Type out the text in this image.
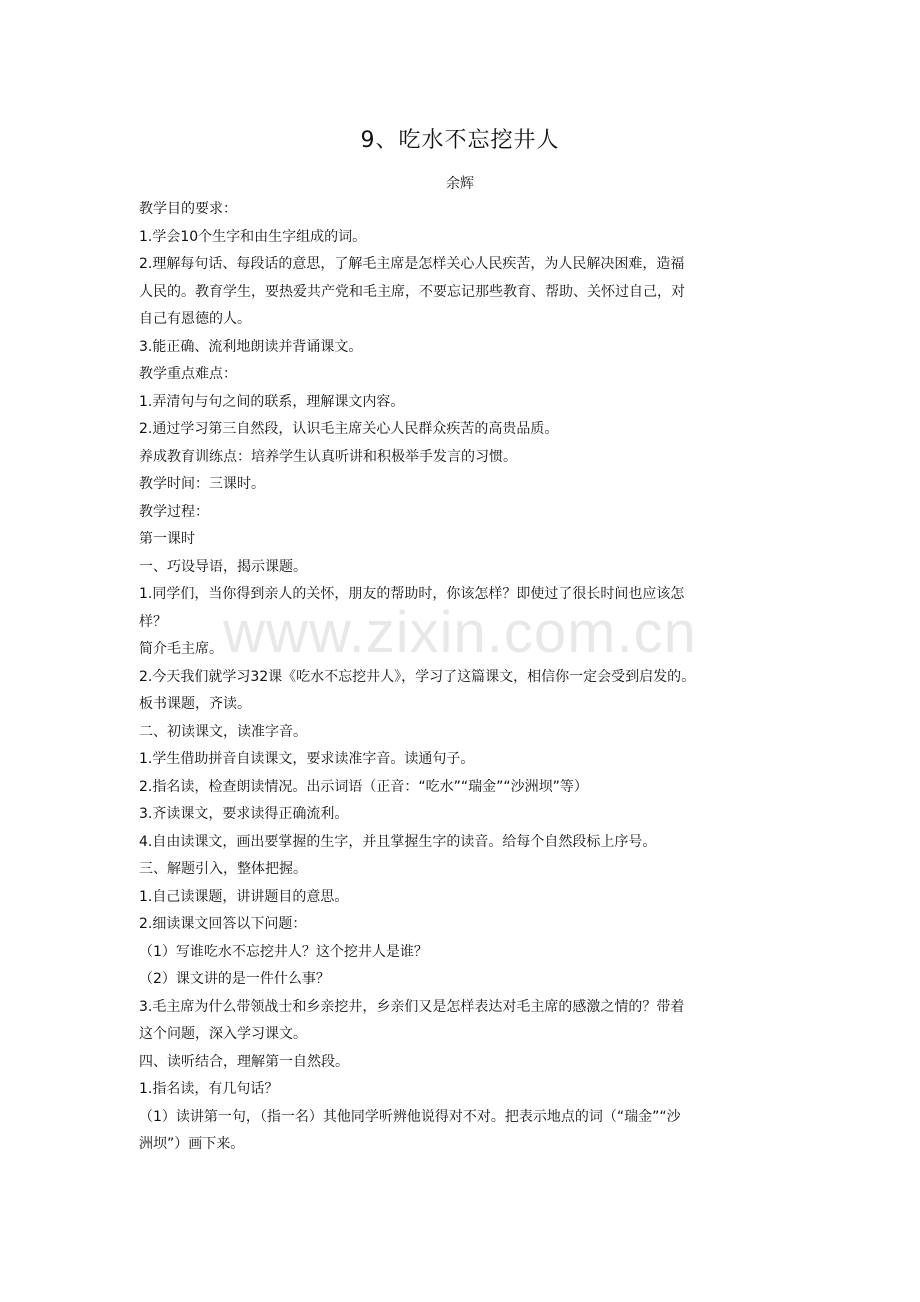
www.zixin.com.cn
9、吃水不忘挖井人
余辉
教学目的要求：
1.学会10个生字和由生字组成的词。
2.理解每句话、每段话的意思，了解毛主席是怎样关心人民疾苦，为人民解决困难，造福
人民的。教育学生，要热爱共产党和毛主席，不要忘记那些教育、帮助、关怀过自己，对
自己有恩德的人。
3.能正确、流利地朗读并背诵课文。
教学重点难点：
1.弄清句与句之间的联系，理解课文内容。
2.通过学习第三自然段，认识毛主席关心人民群众疾苦的高贵品质。
养成教育训练点：培养学生认真听讲和积极举手发言的习惯。
教学时间：三课时。
教学过程：
第一课时
一、巧设导语，揭示课题。
1.同学们，当你得到亲人的关怀，朋友的帮助时，你该怎样？即使过了很长时间也应该怎
样？
简介毛主席。
2.今天我们就学习32课《吃水不忘挖井人》，学习了这篇课文，相信你一定会受到启发的。
板书课题，齐读。
二、初读课文，读准字音。
1.学生借助拼音自读课文，要求读准字音。读通句子。
2.指名读，检查朗读情况。出示词语（正音：“吃水”“瑞金”“沙洲坝”等）
3.齐读课文，要求读得正确流利。
4.自由读课文，画出要掌握的生字，并且掌握生字的读音。给每个自然段标上序号。
三、解题引入，整体把握。
1.自己读课题，讲讲题目的意思。
2.细读课文回答以下问题：
（1）写谁吃水不忘挖井人？这个挖井人是谁？
（2）课文讲的是一件什么事？
3.毛主席为什么带领战士和乡亲挖井，乡亲们又是怎样表达对毛主席的感激之情的？带着
这个问题，深入学习课文。
四、读听结合，理解第一自然段。
1.指名读，有几句话？
（1）读讲第一句，（指一名）其他同学听辨他说得对不对。把表示地点的词（“瑞金”“沙
洲坝”）画下来。
